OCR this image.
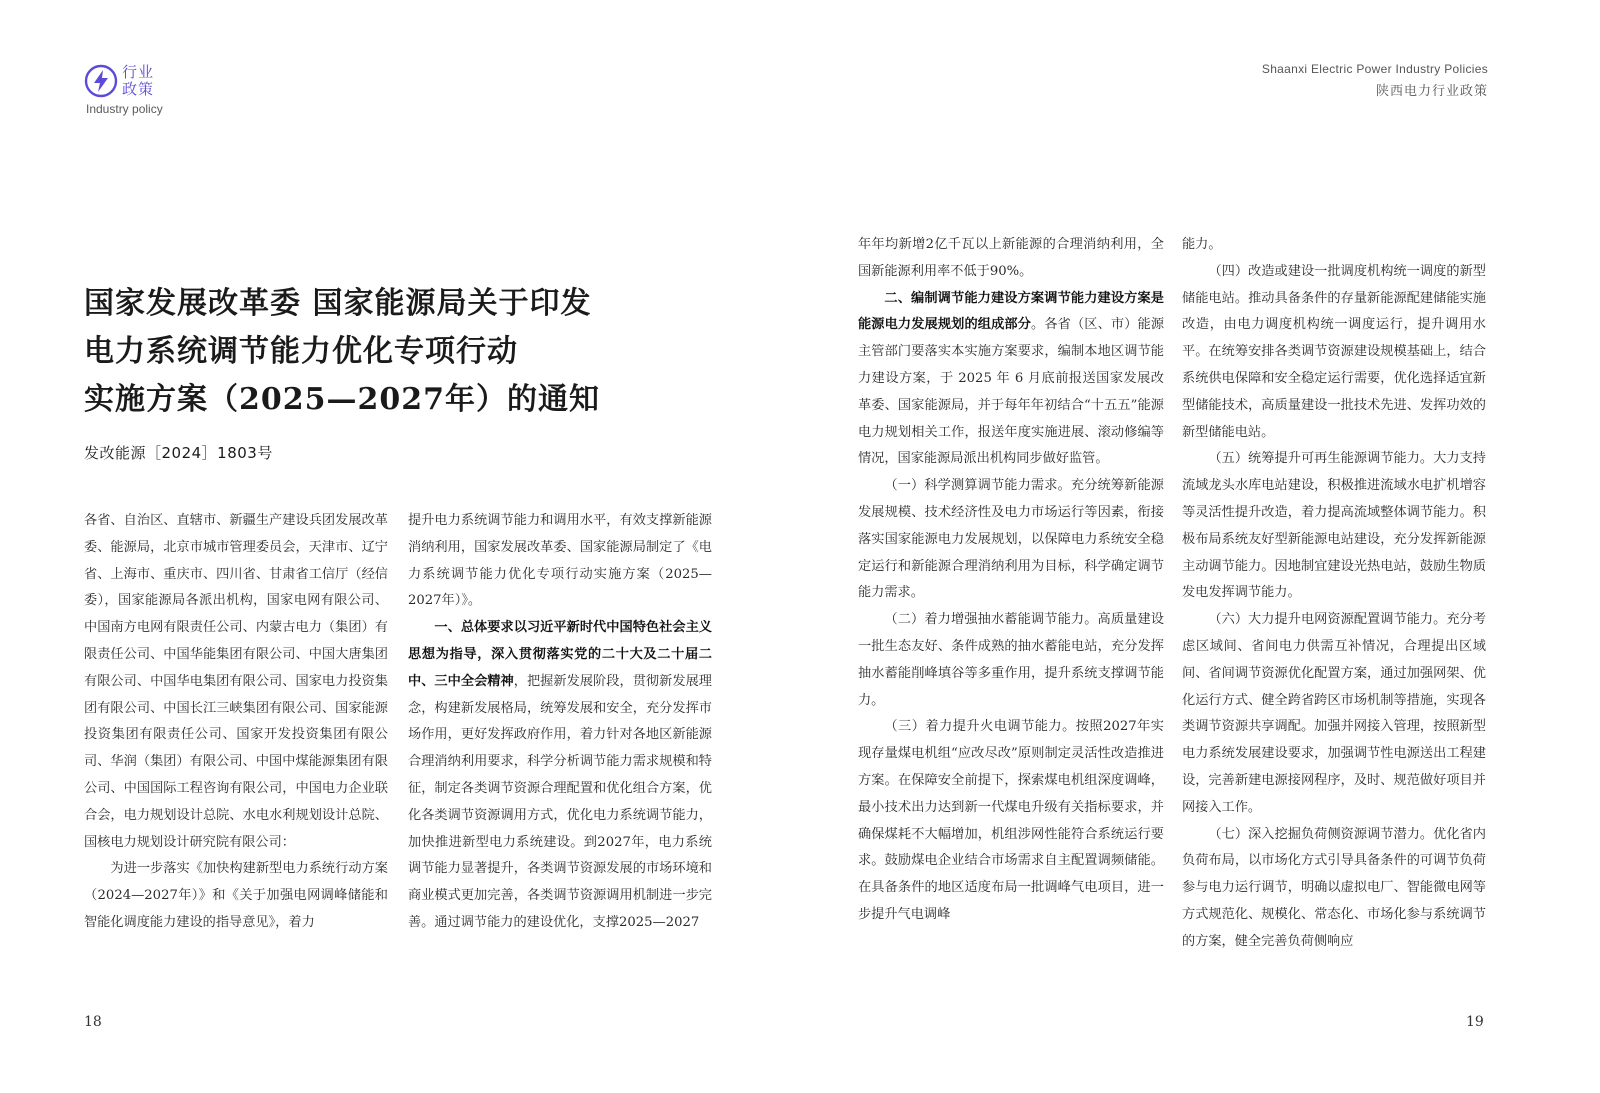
行业
政策
Industry policy
Shaanxi Electric Power Industry Policies
陕西电力行业政策
国家发展改革委 国家能源局关于印发
电力系统调节能力优化专项行动
实施方案（2025—2027年）的通知
发改能源［2024］1803号

各省、自治区、直辖市、新疆生产建设兵团发展改革委、能源局，北京市城市管理委员会，天津市、辽宁省、上海市、重庆市、四川省、甘肃省工信厅（经信委），国家能源局各派出机构，国家电网有限公司、中国南方电网有限责任公司、内蒙古电力（集团）有限责任公司、中国华能集团有限公司、中国大唐集团有限公司、中国华电集团有限公司、国家电力投资集团有限公司、中国长江三峡集团有限公司、国家能源投资集团有限责任公司、国家开发投资集团有限公司、华润（集团）有限公司、中国中煤能源集团有限公司、中国国际工程咨询有限公司，中国电力企业联合会，电力规划设计总院、水电水利规划设计总院、国核电力规划设计研究院有限公司：

为进一步落实《加快构建新型电力系统行动方案（2024—2027年）》和《关于加强电网调峰储能和智能化调度能力建设的指导意见》，着力

提升电力系统调节能力和调用水平，有效支撑新能源消纳利用，国家发展改革委、国家能源局制定了《电力系统调节能力优化专项行动实施方案（2025—2027年）》。

一、总体要求以习近平新时代中国特色社会主义思想为指导，深入贯彻落实党的二十大及二十届二中、三中全会精神，把握新发展阶段，贯彻新发展理念，构建新发展格局，统筹发展和安全，充分发挥市场作用，更好发挥政府作用，着力针对各地区新能源合理消纳利用要求，科学分析调节能力需求规模和特征，制定各类调节资源合理配置和优化组合方案，优化各类调节资源调用方式，优化电力系统调节能力，加快推进新型电力系统建设。到2027年，电力系统调节能力显著提升，各类调节资源发展的市场环境和商业模式更加完善，各类调节资源调用机制进一步完善。通过调节能力的建设优化，支撑2025—2027

年年均新增2亿千瓦以上新能源的合理消纳利用，全国新能源利用率不低于90%。

二、编制调节能力建设方案调节能力建设方案是能源电力发展规划的组成部分。各省（区、市）能源主管部门要落实本实施方案要求，编制本地区调节能力建设方案，于 2025 年 6 月底前报送国家发展改革委、国家能源局，并于每年年初结合“十五五”能源电力规划相关工作，报送年度实施进展、滚动修编等情况，国家能源局派出机构同步做好监管。

（一）科学测算调节能力需求。充分统筹新能源发展规模、技术经济性及电力市场运行等因素，衔接落实国家能源电力发展规划，以保障电力系统安全稳定运行和新能源合理消纳利用为目标，科学确定调节能力需求。

（二）着力增强抽水蓄能调节能力。高质量建设一批生态友好、条件成熟的抽水蓄能电站，充分发挥抽水蓄能削峰填谷等多重作用，提升系统支撑调节能力。

（三）着力提升火电调节能力。按照2027年实现存量煤电机组“应改尽改”原则制定灵活性改造推进方案。在保障安全前提下，探索煤电机组深度调峰，最小技术出力达到新一代煤电升级有关指标要求，并确保煤耗不大幅增加，机组涉网性能符合系统运行要求。鼓励煤电企业结合市场需求自主配置调频储能。在具备条件的地区适度布局一批调峰气电项目，进一步提升气电调峰

能力。

（四）改造或建设一批调度机构统一调度的新型储能电站。推动具备条件的存量新能源配建储能实施改造，由电力调度机构统一调度运行，提升调用水平。在统筹安排各类调节资源建设规模基础上，结合系统供电保障和安全稳定运行需要，优化选择适宜新型储能技术，高质量建设一批技术先进、发挥功效的新型储能电站。

（五）统筹提升可再生能源调节能力。大力支持流域龙头水库电站建设，积极推进流域水电扩机增容等灵活性提升改造，着力提高流域整体调节能力。积极布局系统友好型新能源电站建设，充分发挥新能源主动调节能力。因地制宜建设光热电站，鼓励生物质发电发挥调节能力。

（六）大力提升电网资源配置调节能力。充分考虑区域间、省间电力供需互补情况，合理提出区域间、省间调节资源优化配置方案，通过加强网架、优化运行方式、健全跨省跨区市场机制等措施，实现各类调节资源共享调配。加强并网接入管理，按照新型电力系统发展建设要求，加强调节性电源送出工程建设，完善新建电源接网程序，及时、规范做好项目并网接入工作。

（七）深入挖掘负荷侧资源调节潜力。优化省内负荷布局，以市场化方式引导具备条件的可调节负荷参与电力运行调节，明确以虚拟电厂、智能微电网等方式规范化、规模化、常态化、市场化参与系统调节的方案，健全完善负荷侧响应

18	19
